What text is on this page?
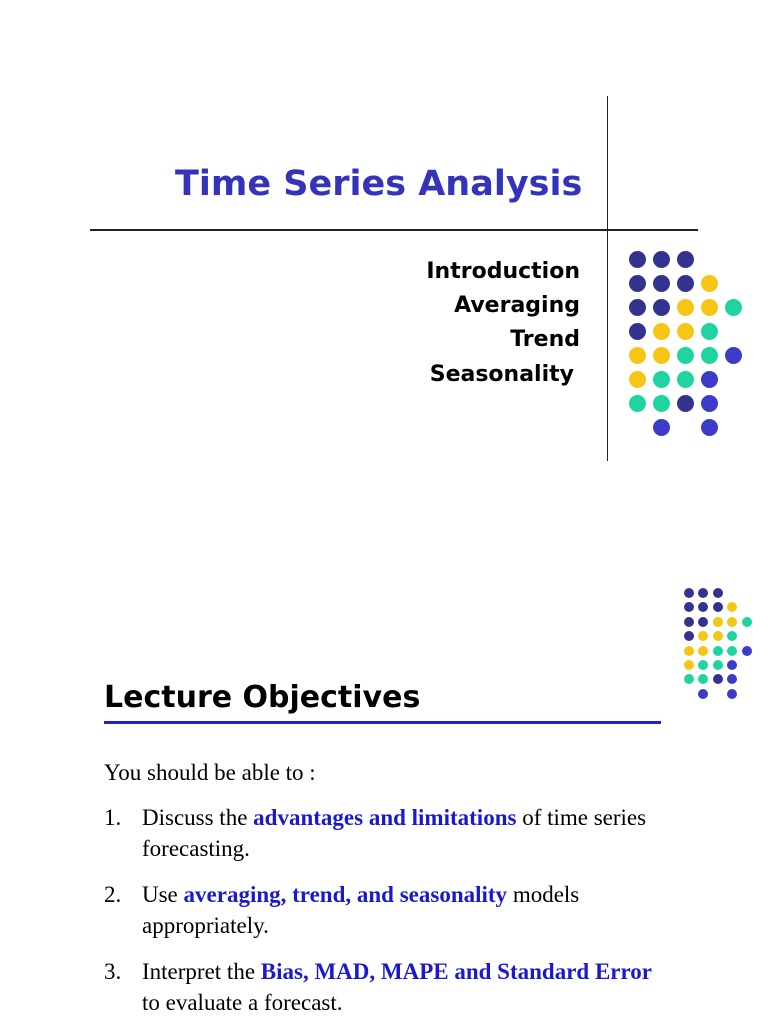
Time Series Analysis
Introduction
Averaging
Trend
Seasonality
Lecture Objectives
You should be able to :
1. Discuss the advantages and limitations of time series forecasting.
2. Use averaging, trend, and seasonality models appropriately.
3. Interpret the Bias, MAD, MAPE and Standard Error to evaluate a forecast.
